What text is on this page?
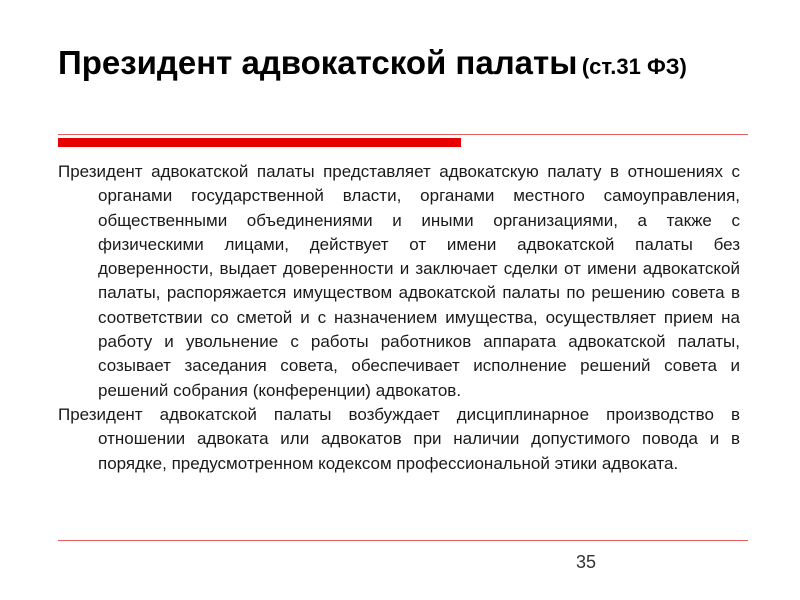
Президент адвокатской палаты (ст.31 ФЗ)

Президент адвокатской палаты представляет адвокатскую палату в отношениях с органами государственной власти, органами местного самоуправления, общественными объединениями и иными организациями, а также с физическими лицами, действует от имени адвокатской палаты без доверенности, выдает доверенности и заключает сделки от имени адвокатской палаты, распоряжается имуществом адвокатской палаты по решению совета в соответствии со сметой и с назначением имущества, осуществляет прием на работу и увольнение с работы работников аппарата адвокатской палаты, созывает заседания совета, обеспечивает исполнение решений совета и решений собрания (конференции) адвокатов.

Президент адвокатской палаты возбуждает дисциплинарное производство в отношении адвоката или адвокатов при наличии допустимого повода и в порядке, предусмотренном кодексом профессиональной этики адвоката.

35
